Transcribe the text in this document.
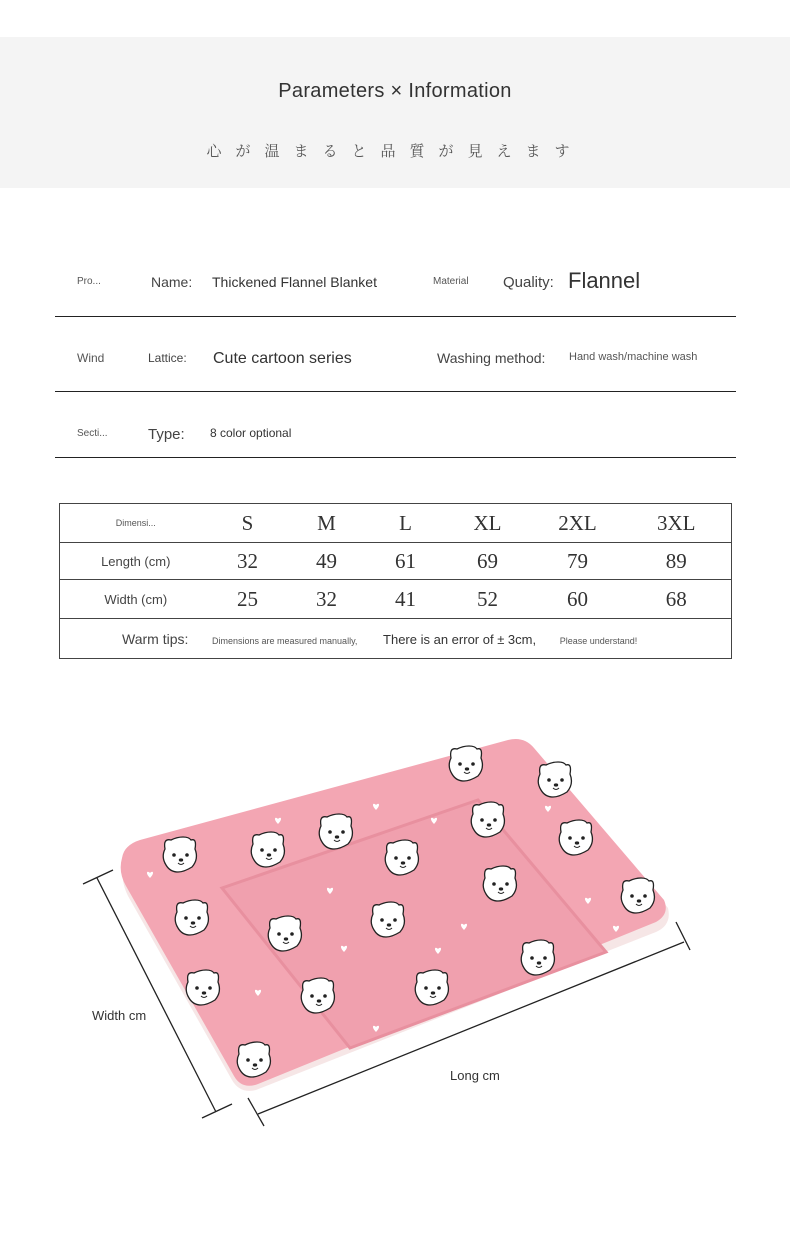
Parameters × Information
心が温まると品質が見えます
Pro...	Name: Thickened Flannel Blanket	Material Quality: Flannel
Wind	Lattice: Cute cartoon series	Washing method: Hand wash/machine wash
Secti...	Type: 8 color optional
Dimensi...	S	M	L	XL	2XL	3XL
Length (cm)	32	49	61	69	79	89
Width (cm)	25	32	41	52	60	68
Warm tips: Dimensions are measured manually, There is an error of ± 3cm, Please understand!						
Width cm
Long cm
